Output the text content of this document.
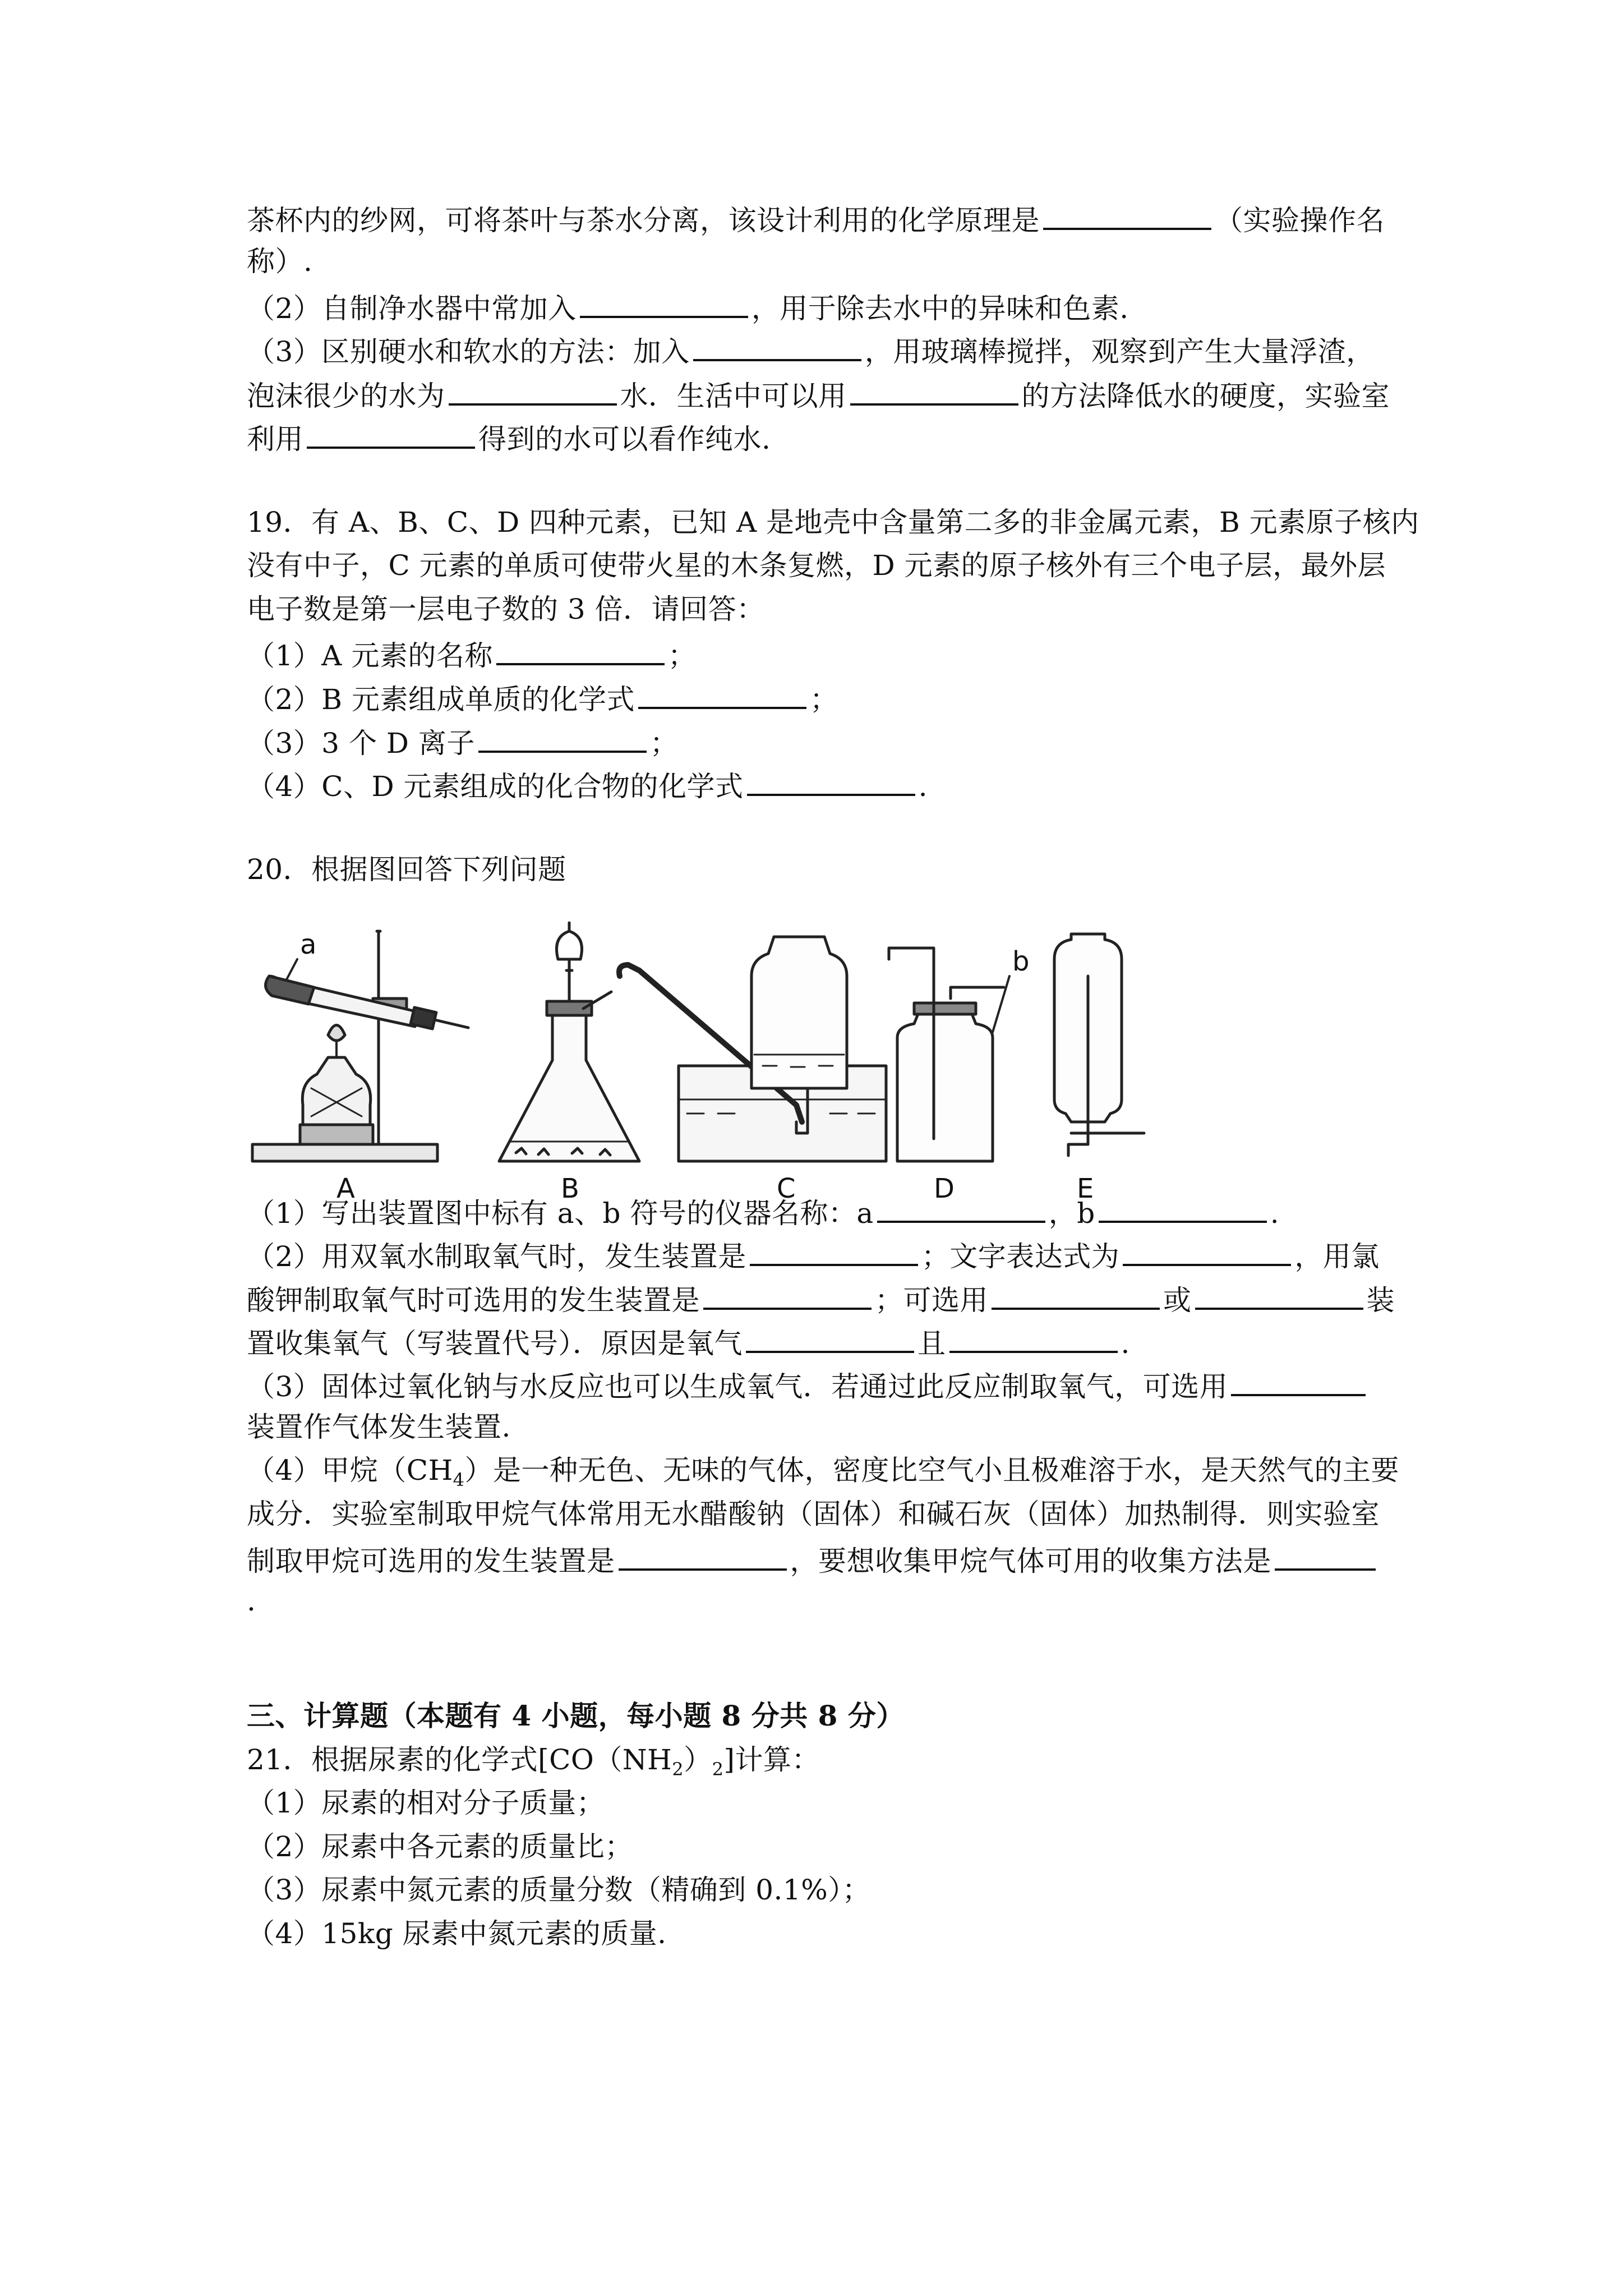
茶杯内的纱网，可将茶叶与茶水分离，该设计利用的化学原理是	（实验操作名
称）.
（2）自制净水器中常加入	，用于除去水中的异味和色素.
（3）区别硬水和软水的方法：加入	，用玻璃棒搅拌，观察到产生大量浮渣，
泡沫很少的水为	水．生活中可以用	的方法降低水的硬度，实验室
利用	得到的水可以看作纯水.
19．有 A、B、C、D 四种元素，已知 A 是地壳中含量第二多的非金属元素，B 元素原子核内
没有中子，C 元素的单质可使带火星的木条复燃，D 元素的原子核外有三个电子层，最外层
电子数是第一层电子数的 3 倍．请回答：
（1）A 元素的名称	；
（2）B 元素组成单质的化学式	；
（3）3 个 D 离子	；
（4）C、D 元素组成的化合物的化学式	.
20．根据图回答下列问题
a
b
A	B	C	D	E
（1）写出装置图中标有 a、b 符号的仪器名称：a	，b	.
（2）用双氧水制取氧气时，发生装置是	；文字表达式为	，用氯
酸钾制取氧气时可选用的发生装置是	；可选用	或	装
置收集氧气（写装置代号）．原因是氧气	且	.
（3）固体过氧化钠与水反应也可以生成氧气．若通过此反应制取氧气，可选用
装置作气体发生装置.
（4）甲烷$(CH_4)$是一种无色、无味的气体，密度比空气小且极难溶于水，是天然气的主要
成分．实验室制取甲烷气体常用无水醋酸钠（固体）和碱石灰（固体）加热制得．则实验室
制取甲烷可选用的发生装置是	，要想收集甲烷气体可用的收集方法是
.
三、计算题（本题有 4 小题，每小题 8 分共 8 分）
21．根据尿素的化学式$[CO(NH_2)_2]$计算：
（1）尿素的相对分子质量；
（2）尿素中各元素的质量比；
（3）尿素中氮元素的质量分数（精确到 0.1%）；
（4）15kg 尿素中氮元素的质量.
